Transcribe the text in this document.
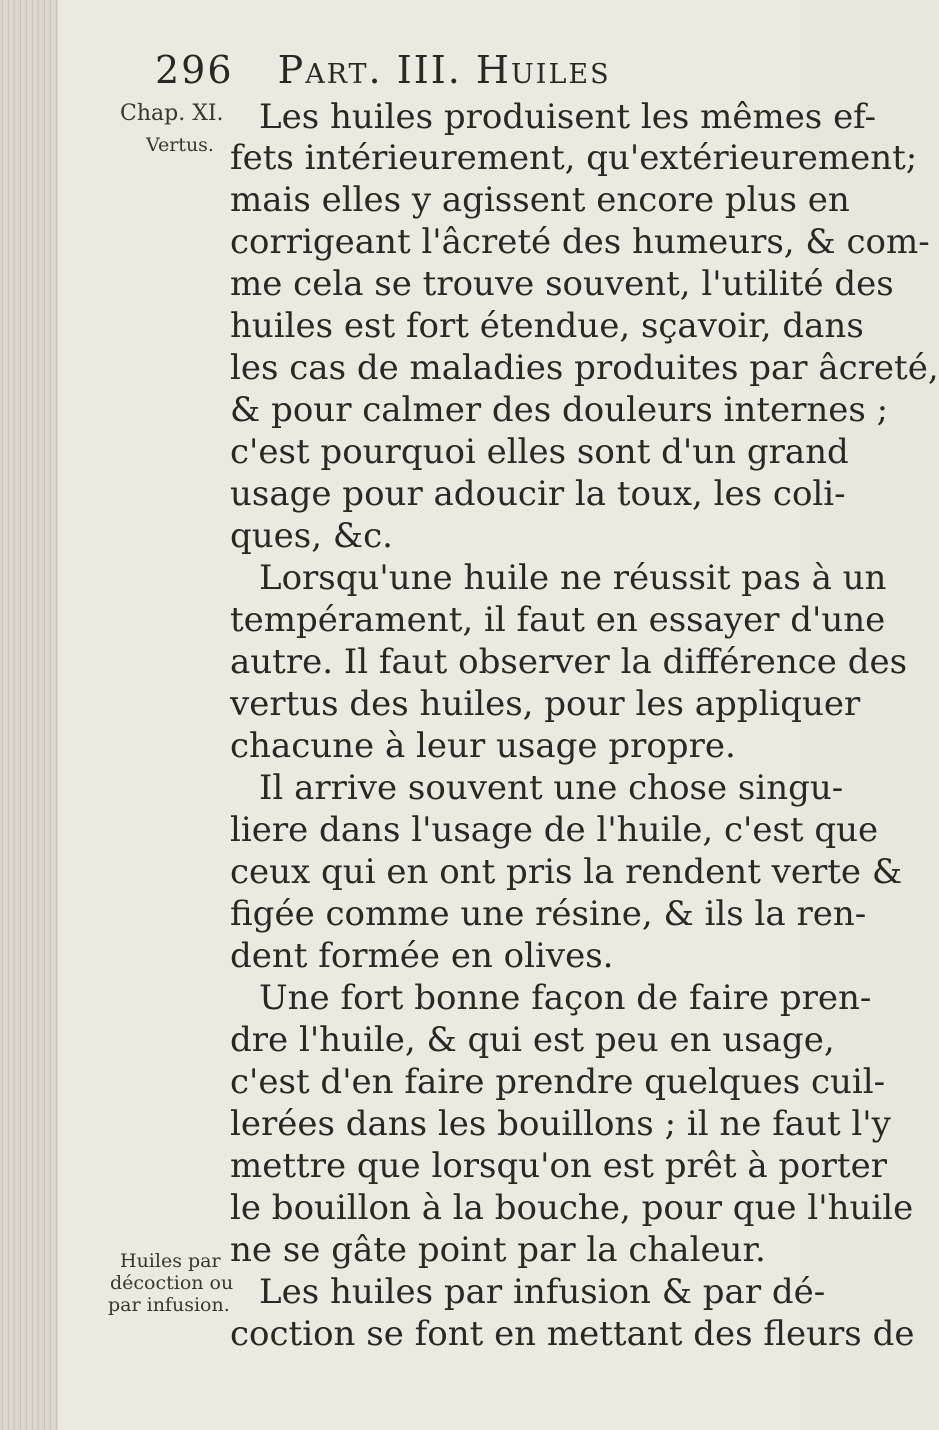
296 Part. III. Huiles
Chap. XI.
Vertus.
Huiles par
décoction ou
par infusion.
Les huiles produisent les mêmes ef-
fets intérieurement, qu'extérieurement;
mais elles y agissent encore plus en
corrigeant l'âcreté des humeurs, & com-
me cela se trouve souvent, l'utilité des
huiles est fort étendue, sçavoir, dans
les cas de maladies produites par âcreté,
& pour calmer des douleurs internes ;
c'est pourquoi elles sont d'un grand
usage pour adoucir la toux, les coli-
ques, &c.
Lorsqu'une huile ne réussit pas à un
tempérament, il faut en essayer d'une
autre. Il faut observer la différence des
vertus des huiles, pour les appliquer
chacune à leur usage propre.
Il arrive souvent une chose singu-
liere dans l'usage de l'huile, c'est que
ceux qui en ont pris la rendent verte &
figée comme une résine, & ils la ren-
dent formée en olives.
Une fort bonne façon de faire pren-
dre l'huile, & qui est peu en usage,
c'est d'en faire prendre quelques cuil-
lerées dans les bouillons ; il ne faut l'y
mettre que lorsqu'on est prêt à porter
le bouillon à la bouche, pour que l'huile
ne se gâte point par la chaleur.
Les huiles par infusion & par dé-
coction se font en mettant des fleurs de
